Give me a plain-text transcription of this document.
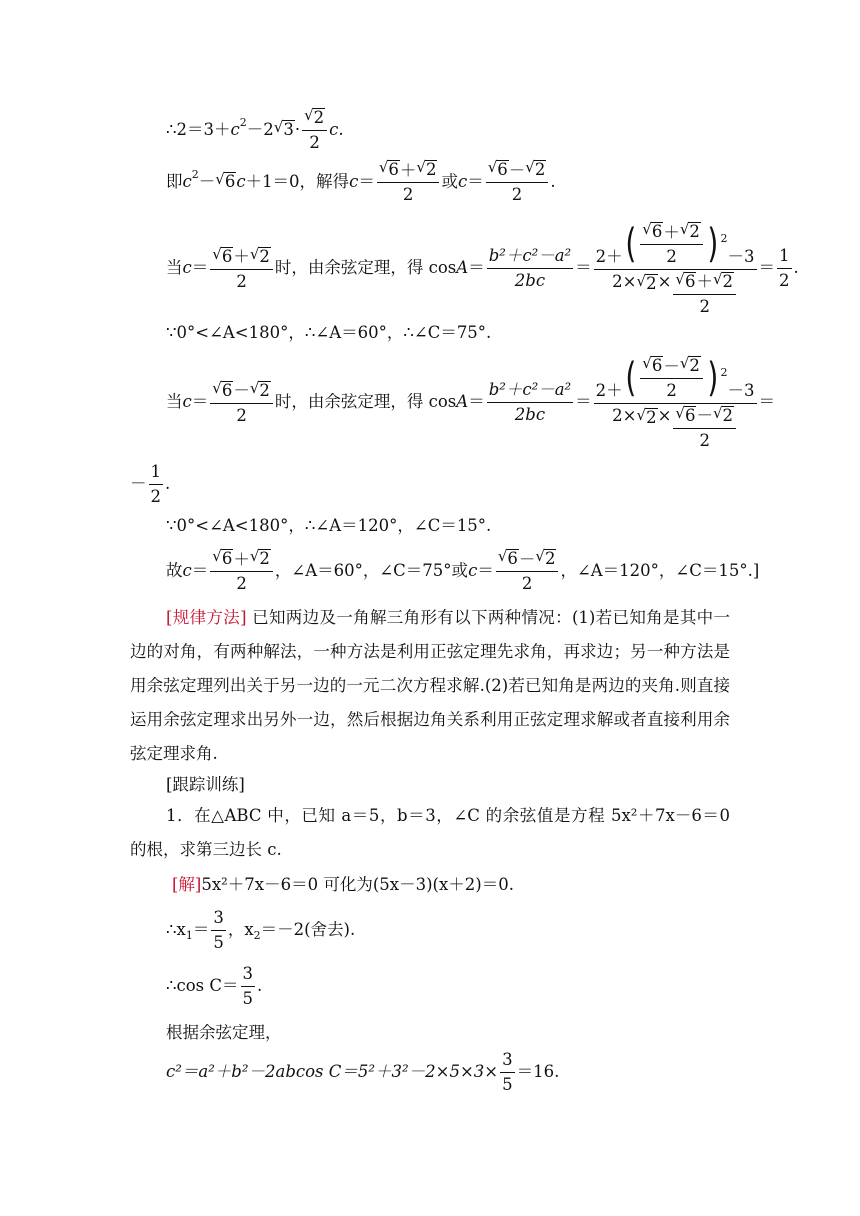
∴ $2=3+ c^2 -2$ √ $3 \cdot \frac{√ 2}{2} c$.
即 $c^2$ － √ 6 c ＋1＝0，解得 $c = \frac{√ 6 + √ 2}{2}$ 或 $c = \frac{√ 6 - √ 2}{2}$ .
当 $c = \frac{√ 6 + √ 2}{2}$ 时，由余弦定理，得 $\cos A = \frac{\text{b²＋c²－a²}}{2bc} = 2+$ ( $\frac{√ 6 + √ 2}{2} )^2$
－3
2× √ $2 \times \frac{√ 6 + √ 2}{2} = \frac{1}{2}$ .
∵0°<∠A<180°，∴∠A＝60°，∴∠C＝75°.
当 $c = \frac{√ 6 - √ 2}{2}$ 时，由余弦定理，得 $\cos A = \frac{\text{b²＋c²－a²}}{2bc} = 2+$ ( $\frac{√ 6 - √ 2}{2} )^2$
－3
2× √ $2 \times \frac{√ 6 - √ 2}{2}$ ＝
－ $\frac{1}{2}$ .
∵0°<∠A<180°，∴∠A＝120°，∠C＝15°.
故 $c = \frac{√ 6 + √ 2}{2}$ ，∠A＝60°，∠C＝75°或 $c = \frac{√ 6 - √ 2}{2}$ ，∠A＝120°，∠C＝15°.]
[规律方法] 已知两边及一角解三角形有以下两种情况：(1)若已知角是其中一边的对角，有两种解法，一种方法是利用正弦定理先求角，再求边；另一种方法是用余弦定理列出关于另一边的一元二次方程求解.(2)若已知角是两边的夹角.则直接运用余弦定理求出另外一边，然后根据边角关系利用正弦定理求解或者直接利用余弦定理求角.
[跟踪训练]
1．在△ABC 中，已知 a＝5，b＝3，∠C 的余弦值是方程 5x²＋7x－6＝0 的根，求第三边长 c.
[解] 5x²＋7x－6＝0 可化为(5x－3)(x＋2)＝0.
$\therefore x_1 = \frac{3}{5}$ ，$x_2 =-2$(舍去).
∴cos $C= \frac{3}{5}$ .
根据余弦定理，
c²＝a²＋b²－2abcos $C=5^2+3^2-2\times 5\times 3\times \frac{3}{5} =16$.
